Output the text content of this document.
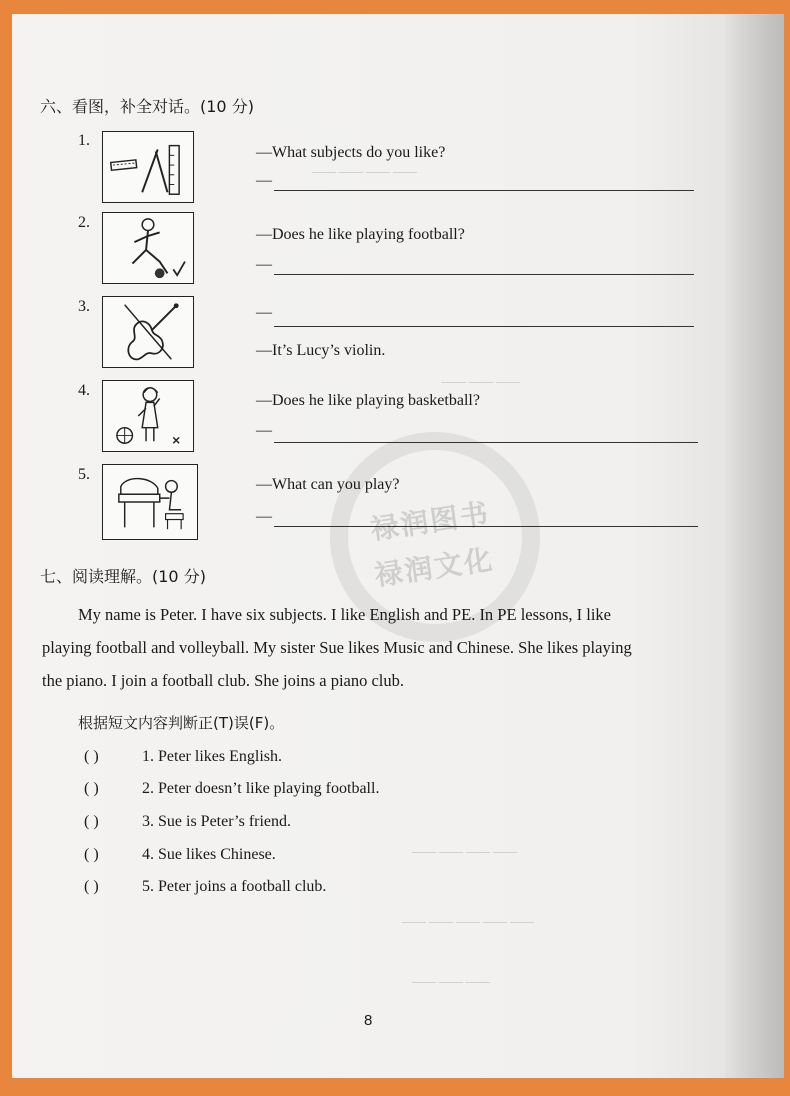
—— —— —— ——
—— —— ——
—— —— —— ——
—— —— —— —— ——
—— —— ——
禄润图书
禄润文化
六、看图，补全对话。(10 分)
1.
—What subjects do you like?
—
2.
—Does he like playing football?
—
3.	—
—It’s Lucy’s violin.
4.
—Does he like playing basketball?
—
5.
—What can you play?
—
七、阅读理解。(10 分)
My name is Peter. I have six subjects. I like English and PE. In PE lessons, I like
playing football and volleyball. My sister Sue likes Music and Chinese. She likes playing
the piano. I join a football club. She joins a piano club.
根据短文内容判断正(T)误(F)。
( )	1. Peter likes English.
( )	2. Peter doesn’t like playing football.
( )	3. Sue is Peter’s friend.
( )	4. Sue likes Chinese.
( )	5. Peter joins a football club.
8
